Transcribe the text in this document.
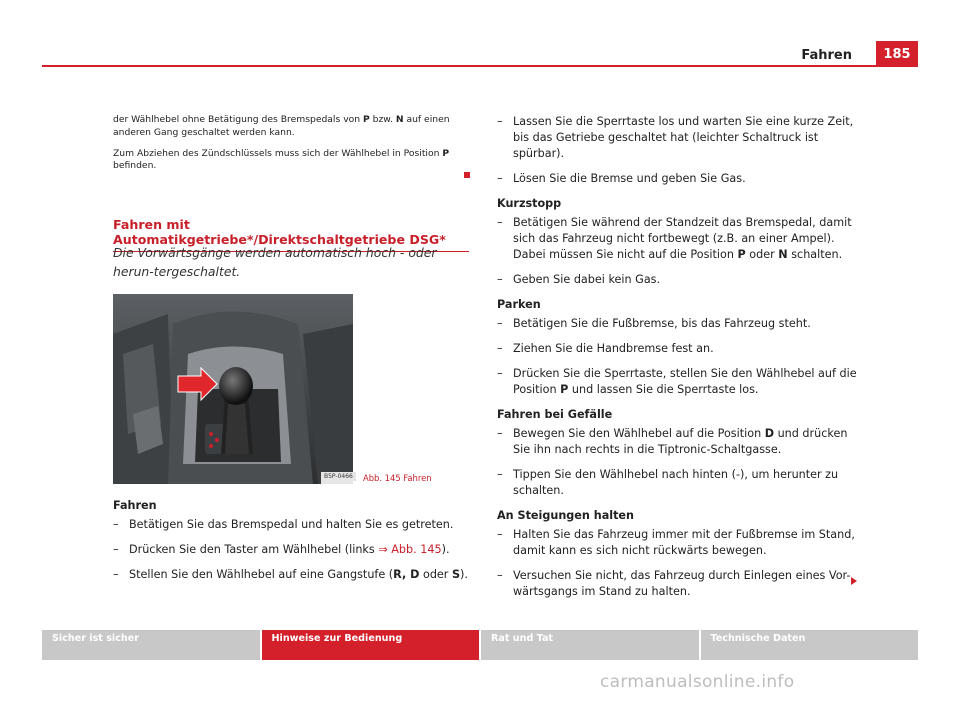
Fahren	185

der Wählhebel ohne Betätigung des Bremspedals von P bzw. N auf einen anderen Gang geschaltet werden kann.

Zum Abziehen des Zündschlüssels muss sich der Wählhebel in Position P befinden.

Fahren mit Automatikgetriebe*/Direktschaltgetriebe DSG*
Die Vorwärtsgänge werden automatisch hoch - oder herun-tergeschaltet.
B5P-0466	Abb. 145 Fahren

Fahren

– Betätigen Sie das Bremspedal und halten Sie es getreten.
– Drücken Sie den Taster am Wählhebel (links ⇒ Abb. 145).
– Stellen Sie den Wählhebel auf eine Gangstufe (R, D oder S).
– Lassen Sie die Sperrtaste los und warten Sie eine kurze Zeit, bis das Getriebe geschaltet hat (leichter Schaltruck ist spürbar).
– Lösen Sie die Bremse und geben Sie Gas.

Kurzstopp

– Betätigen Sie während der Standzeit das Bremspedal, damit sich das Fahrzeug nicht fortbewegt (z.B. an einer Ampel). Dabei müssen Sie nicht auf die Position P oder N schalten.
– Geben Sie dabei kein Gas.

Parken

– Betätigen Sie die Fußbremse, bis das Fahrzeug steht.
– Ziehen Sie die Handbremse fest an.
– Drücken Sie die Sperrtaste, stellen Sie den Wählhebel auf die Position P und lassen Sie die Sperrtaste los.

Fahren bei Gefälle

– Bewegen Sie den Wählhebel auf die Position D und drücken Sie ihn nach rechts in die Tiptronic-Schaltgasse.
– Tippen Sie den Wählhebel nach hinten (-), um herunter zu schalten.

An Steigungen halten

– Halten Sie das Fahrzeug immer mit der Fußbremse im Stand, damit kann es sich nicht rückwärts bewegen.
– Versuchen Sie nicht, das Fahrzeug durch Einlegen eines Vor-wärtsgangs im Stand zu halten.
Sicher ist sicher	Hinweise zur Bedienung	Rat und Tat	Technische Daten
carmanualsonline.info
